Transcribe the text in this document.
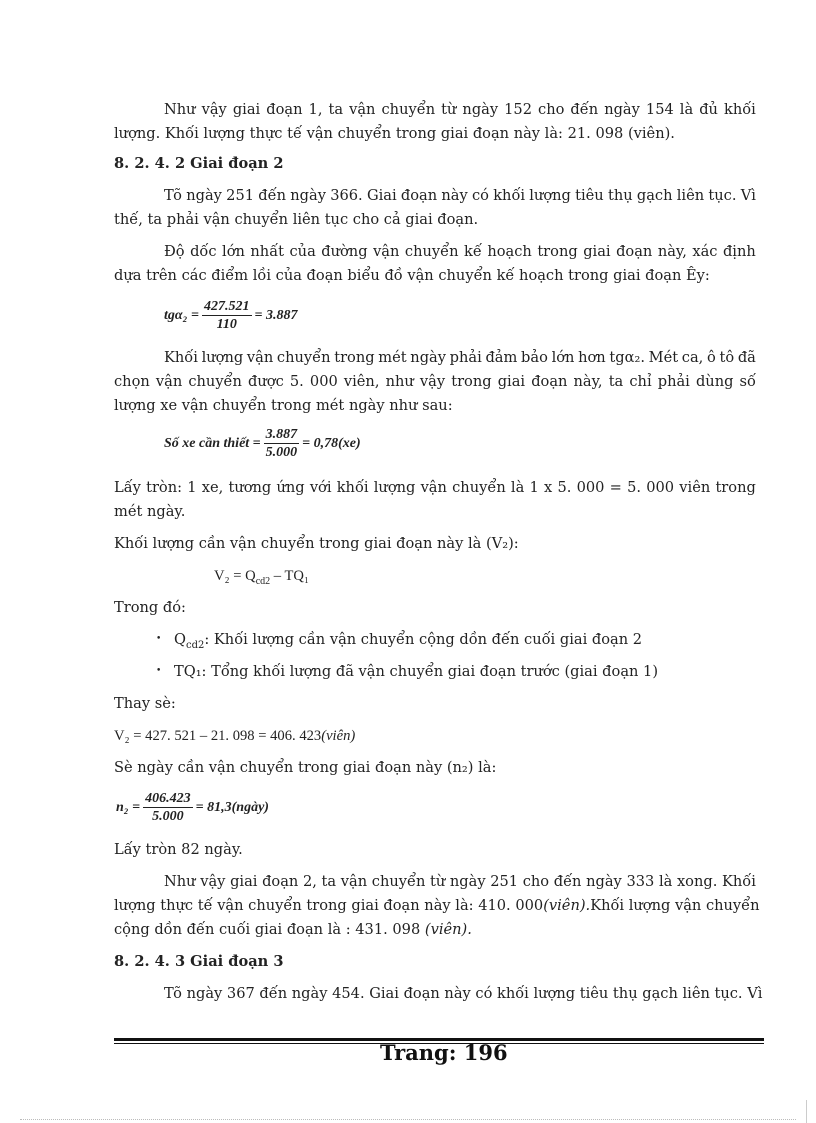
Như vậy giai đoạn 1, ta vận chuyển từ ngày 152 cho đến ngày 154 là đủ khối
lượng. Khối lượng thực tế vận chuyển trong giai đoạn này là: 21. 098 (viên).
8. 2. 4. 2 Giai đoạn 2
Tõ ngày 251 đến ngày 366. Giai đoạn này có khối lượng tiêu thụ gạch liên tục. Vì
thế, ta phải vận chuyển liên tục cho cả giai đoạn.
Độ dốc lớn nhất của đường vận chuyển kế hoạch trong giai đoạn này, xác định
dựa trên các điểm lồi của đoạn biểu đồ vận chuyển kế hoạch trong giai đoạn Êy:
$tg\alpha_2 = \frac{427.521}{110} = 3.887$
Khối lượng vận chuyển trong mét ngày phải đảm bảo lớn hơn tgα₂. Mét ca, ô tô đã
chọn vận chuyển được 5. 000 viên, như vậy trong giai đoạn này, ta chỉ phải dùng số
lượng xe vận chuyển trong mét ngày như sau:
Số xe cần thiết = $\frac{3.887}{5.000} = 0,78(xe)$
Lấy tròn: 1 xe, tương ứng với khối lượng vận chuyển là 1 x 5. 000 = 5. 000 viên trong
mét ngày.
Khối lượng cần vận chuyển trong giai đoạn này là (V₂):
$V_2 = Q_{cd2} - TQ_1$
Trong đó:
• $Q_{cd2}$: Khối lượng cần vận chuyển cộng dồn đến cuối giai đoạn 2
• TQ₁: Tổng khối lượng đã vận chuyển giai đoạn trước (giai đoạn 1)
Thay sè:
V₂ = 427. 521 – 21. 098 = 406. 423(viên)
Sè ngày cần vận chuyển trong giai đoạn này (n₂) là:
$n_2 = \frac{406.423}{5.000}$ = 81,3(ngày)
Lấy tròn 82 ngày.
Như vậy giai đoạn 2, ta vận chuyển từ ngày 251 cho đến ngày 333 là xong. Khối
lượng thực tế vận chuyển trong giai đoạn này là: 410. 000(viên). Khối lượng vận chuyển
cộng dồn đến cuối giai đoạn là : 431. 098 (viên).
8. 2. 4. 3 Giai đoạn 3
Tõ ngày 367 đến ngày 454. Giai đoạn này có khối lượng tiêu thụ gạch liên tục. Vì
Trang: 196
